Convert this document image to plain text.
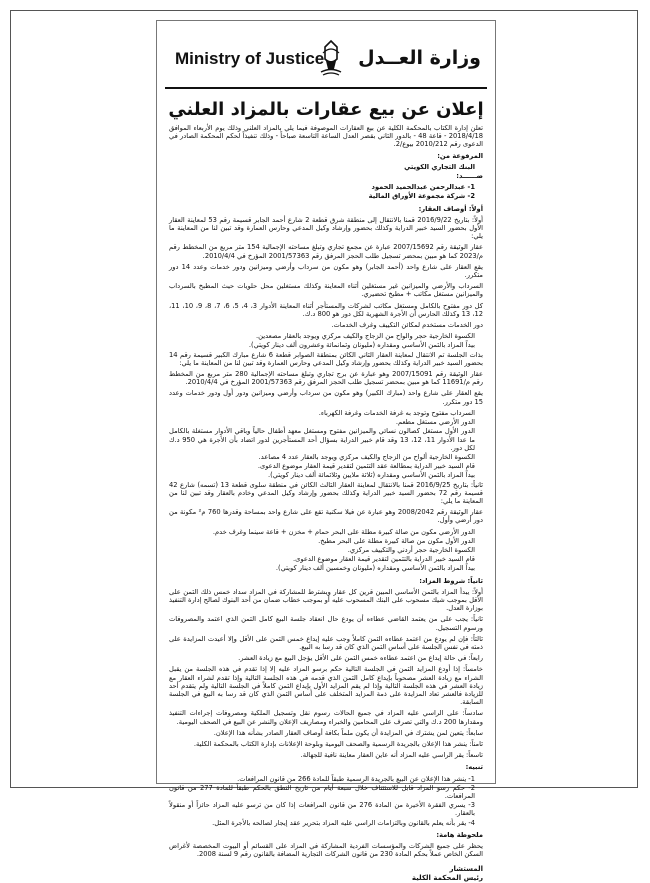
Ministry of Justice وزارة العــدل
إعلان عن بيع عقارات بالمزاد العلني

تعلن إدارة الكتاب بالمحكمة الكلية عن بيع العقارات الموصوفة فيما يلي بالمزاد العلني وذلك يوم الأربعاء الموافق 2018/4/18 - قاعة 48 - بالدور الثاني بقصر العدل الساعة التاسعة صباحاً - وذلك تنفيذاً لحكم المحكمة الصادر في الدعوى رقم 2010/212 بيوع/2.

المرفوعة من:

البنك التجاري الكويتي

ضــــــد:

1- عبدالرحمن عبدالحميد الحمود

2- شركة مجموعة الأوراق المالية

أولاً: أوصاف العقار:

أولاً: بتاريخ 2016/9/22 قمنا بالانتقال إلى منطقة شرق قطعة 2 شارع أحمد الجابر قسيمة رقم 53 لمعاينة العقار الأول بحضور السيد خبير الدراية وكذلك بحضور وإرشاد وكيل المدعي وحارس العمارة وقد تبين لنا من المعاينة ما يلي:

عقار الوثيقة رقم 2007/15692 عبارة عن مجمع تجاري وتبلغ مساحته الإجمالية 154 متر مربع من المخطط رقم م/2023 كما هو مبين بمحضر تسجيل طلب الحجز المرفق رقم 2001/57363 المؤرخ في 2010/4/4.

يقع العقار على شارع واحد (أحمد الجابر) وهو مكون من سرداب وأرضي وميزانين ودور خدمات وعدد 14 دور متكرر.

السرداب والأرضي والميزانين غير مستغلين أثناء المعاينة وكذلك مستغلين محل حلويات حيث المطبخ بالسرداب والميزانين مستغل مكاتب + مطبخ تحضيري.

كل دور مفتوح بالكامل ومستغل مكاتب لشركات والمستأجر أثناء المعاينة الأدوار 3، 4، 5، 6، 7، 8، 9، 10، 11، 12، 13 وكذلك الحارس أن الأجرة الشهرية لكل دور هو 800 د.ك.

دور الخدمات مستخدم لمكائن التكييف وغرف الخدمات.

الكسوة الخارجية حجر والواح من الزجاج والكيف مركزي ويوجد بالعقار مصعدين.

بيداً المزاد بالثمن الأساسي ومقداره (مليونان وثمانمائة وعشرون ألف دينار كويتي).

بذات الجلسة تم الانتقال لمعاينة العقار الثاني الكائن بمنطقة الصوابر قطعة 6 شارع مبارك الكبير قسيمة رقم 14 بحضور السيد خبير الدراية وكذلك بحضور وإرشاد وكيل المدعي وحارس العمارة وقد تبين لنا من المعاينة ما يلي:

عقار الوثيقة رقم 2007/15091 وهو عبارة عن برج تجاري وتبلغ مساحته الإجمالية 280 متر مربع من المخطط رقم م/11691 كما هو مبين بمحضر تسجيل طلب الحجز المرفق رقم 2001/57363 المؤرخ في 2010/4/4.

يقع العقار على شارع واحد (مبارك الكبير) وهو مكون من سرداب وأرضي وميزانين ودور أول ودور خدمات وعدد 15 دور متكرر.

السرداب مفتوح وتوجد به غرفة الخدمات وغرفة الكهرباء.

الدور الأرضي مستغل مطعم.

الدور الأول مستغل كصالون نسائي والميزانين مفتوح ومستغل معهد أطفال حالياً وباقي الأدوار مستغلة بالكامل ما عدا الأدوار 11، 12، 13 وقد قام خبير الدراية بسؤال أحد المستأجرين لدور اتضاد بأن الأجرة هي 950 د.ك لكل دور.

الكسوة الخارجية ألواح من الزجاج والكيف مركزي ويوجد بالعقار عدد 4 مصاعد.

قام السيد خبير الدراية بمطالعة عقد التثمين لتقدير قيمة العقار موضوع الدعوى.

بيداً المزاد بالثمن الأساسي ومقداره (ثلاثة ملايين وثلاثمائة ألف دينار كويتي).

ثانياً: بتاريخ 2016/9/25 قمنا بالانتقال لمعاينة العقار الثالث الكائن في منطقة سلوى قطعة 13 (تسمه) شارع 42 قسيمة رقم 72 بحضور السيد خبير الدراية وكذلك بحضور وإرشاد وكيل المدعي وخادم بالعقار وقد تبين لنا من المعاينة ما يلي:

عقار الوثيقة رقم 2008/2042 وهو عبارة عن فيلا سكنية تقع على شارع واحد بمساحة وقدرها 760 م² مكونة من دور أرضي وأول.

الدور الأرضي مكون من صالة كبيرة مطلة على البحر حمام + مخزن + قاعة سينما وغرف خدم.

الدور الأول مكون من صالة كبيرة مطلة على البحر مطبخ.

الكسوة الخارجية حجر أردني والتكييف مركزي.

قام السيد خبير الدراية بالتثمين لتقدير قيمة العقار موضوع الدعوى.

بيداً المزاد بالثمن الأساسي ومقداره (مليونان وخمسين ألف دينار كويتي).

ثانياً: شروط المزاد:

أولاً: يبدأ المزاد بالثمن الأساسي المبين قرين كل عقار ويشترط للمشاركة في المزاد سداد خمس ذلك الثمن على الأقل بموجب شيك مسحوب على البنك المسحوب عليه أو بموجب خطاب ضمان من أحد البنوك لصالح إدارة التنفيذ بوزارة العدل.

ثانياً: يجب على من يعتمد القاضي عطاءه أن يودع حال انعقاد جلسة البيع كامل الثمن الذي اعتمد والمصروفات ورسوم التسجيل.

ثالثاً: فإن لم يودع من اعتمد عطاءه الثمن كاملاً وجب عليه إيداع خمس الثمن على الأقل وإلا أعيدت المزايدة على ذمته في نفس الجلسة على أساس الثمن الذي كان قد رسا به البيع.

رابعاً: في حالة إيداع من اعتمد عطاءه خمس الثمن على الأقل يؤجل البيع مع زيادة العشر.

خامساً: إذا أودع المزايد الثمن في الجلسة التالية حكم برسو المزاد عليه إلا إذا تقدم في هذه الجلسة من يقبل الشراء مع زيادة العشر مصحوباً بإيداع كامل الثمن الذي قدمه في هذه الجلسة التالية وإذا تقدم لشراء العقار مع زيادة العشر في هذه الجلسة التالية وإذا لم يقم المزايد الأول بإيداع الثمن كاملاً في الجلسة التالية ولم يتقدم أحد للزيادة فالعشر تعاد المزايدة على ذمة المزايد المتخلف على أساس الثمن الذي كان قد رسا به البيع في الجلسة السابقة.

سادساً: على الراسي عليه المزاد في جميع الحالات رسوم نقل وتسجيل الملكية ومصروفات إجراءات التنفيذ ومقدارها 200 د.ك والتي تصرف على المحامين والخبراء ومصاريف الإعلان والنشر عن البيع في الصحف اليومية.

سابعاً: يتعين لمن يشترك في المزايدة أن يكون ملماً بكافة أوصاف العقار الصادر بشأنه هذا الإعلان.

ثامناً: ينشر هذا الإعلان بالجريدة الرسمية والصحف اليومية وبلوحة الإعلانات بإدارة الكتاب بالمحكمة الكلية.

تاسعاً: يقر الراسي عليه المزاد أنه عاين العقار معاينة نافية للجهالة.

تنبيه:

1- ينشر هذا الإعلان عن البيع بالجريدة الرسمية طبقاً للمادة 266 من قانون المرافعات.

2- حكم رسو المزاد قابل للاستئناف خلال سبعة أيام من تاريخ النطق بالحكم طبقاً للمادة 277 من قانون المرافعات.

3- يسري الفقرة الأخيرة من المادة 276 من قانون المرافعات إذا كان من ترسو عليه المزاد حائزاً أو منقولاً بالعقار.

4- يقر بأنه يعلم بالقانون وبالتزامات الراسي عليه المزاد بتحرير عقد إيجار لصالحه بالأجرة المثل.

ملحوظة هامة:

يحظر على جميع الشركات والمؤسسات الفردية المشاركة في المزاد على القسائم أو البيوت المخصصة لأغراض السكن الخاص عملاً بحكم المادة 230 من قانون الشركات التجارية المضافة بالقانون رقم 9 لسنة 2008.

المستشار
رئيس المحكمة الكلية
